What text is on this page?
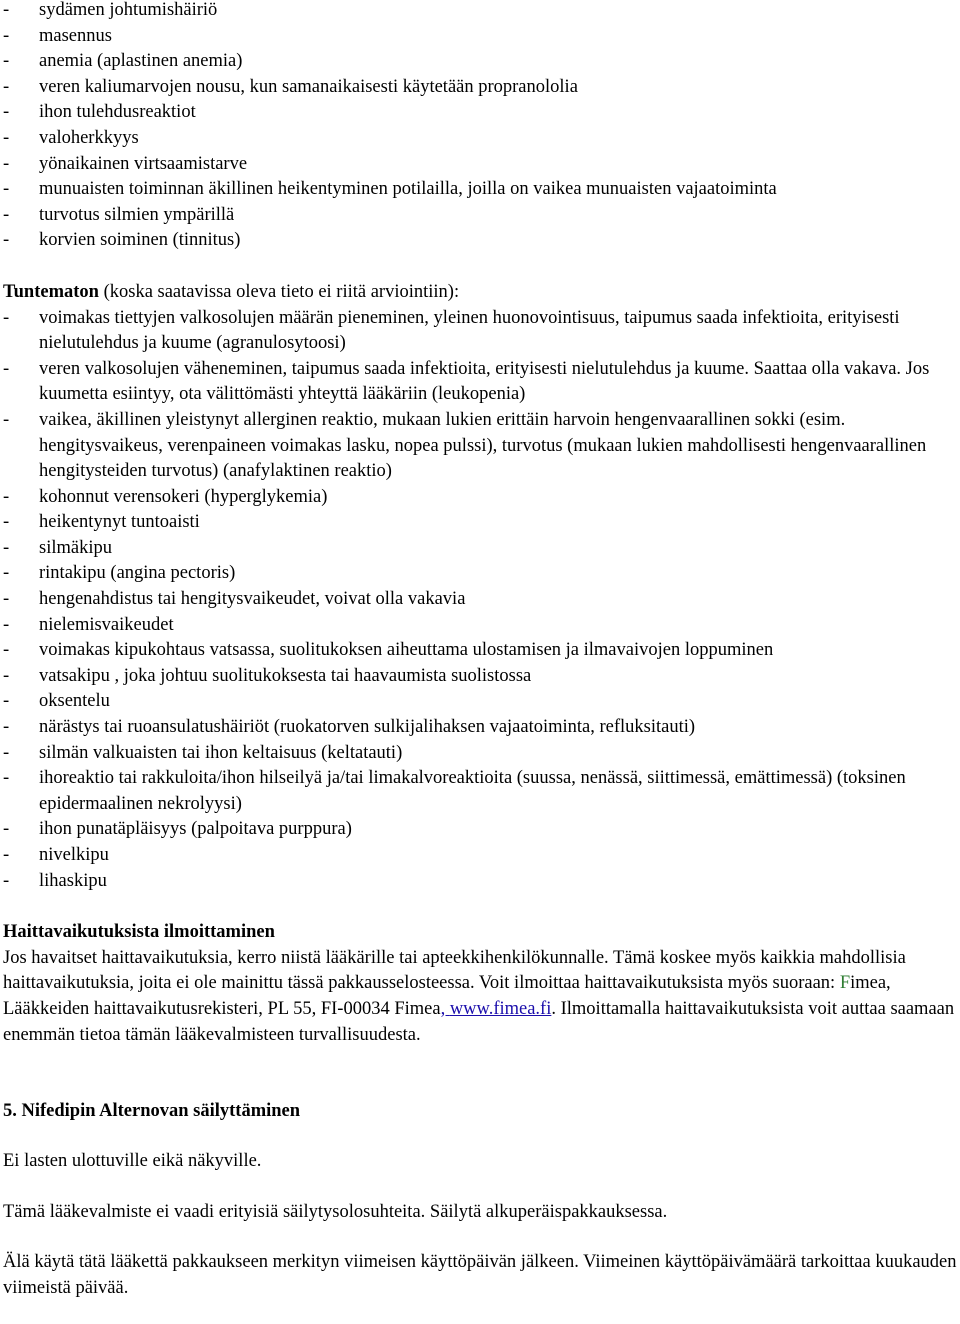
- sydämen johtumishäiriö
- masennus
- anemia (aplastinen anemia)
- veren kaliumarvojen nousu, kun samanaikaisesti käytetään propranololia
- ihon tulehdusreaktiot
- valoherkkyys
- yönaikainen virtsaamistarve
- munuaisten toiminnan äkillinen heikentyminen potilailla, joilla on vaikea munuaisten vajaatoiminta
- turvotus silmien ympärillä
- korvien soiminen (tinnitus)
Tuntematon (koska saatavissa oleva tieto ei riitä arviointiin):
- voimakas tiettyjen valkosolujen määrän pieneminen, yleinen huonovointisuus, taipumus saada infektioita, erityisesti nielutulehdus ja kuume (agranulosytoosi)
- veren valkosolujen väheneminen, taipumus saada infektioita, erityisesti nielutulehdus ja kuume. Saattaa olla vakava. Jos kuumetta esiintyy, ota välittömästi yhteyttä lääkäriin (leukopenia)
- vaikea, äkillinen yleistynyt allerginen reaktio, mukaan lukien erittäin harvoin hengenvaarallinen sokki (esim. hengitysvaikeus, verenpaineen voimakas lasku, nopea pulssi), turvotus (mukaan lukien mahdollisesti hengenvaarallinen hengitysteiden turvotus) (anafylaktinen reaktio)
- kohonnut verensokeri (hyperglykemia)
- heikentynyt tuntoaisti
- silmäkipu
- rintakipu (angina pectoris)
- hengenahdistus tai hengitysvaikeudet, voivat olla vakavia
- nielemisvaikeudet
- voimakas kipukohtaus vatsassa, suolitukoksen aiheuttama ulostamisen ja ilmavaivojen loppuminen
- vatsakipu , joka johtuu suolitukoksesta tai haavaumista suolistossa
- oksentelu
- närästys tai ruoansulatushäiriöt (ruokatorven sulkijalihaksen vajaatoiminta, refluksitauti)
- silmän valkuaisten tai ihon keltaisuus (keltatauti)
- ihoreaktio tai rakkuloita/ihon hilseilyä ja/tai limakalvoreaktioita (suussa, nenässä, siittimessä, emättimessä) (toksinen epidermaalinen nekrolyysi)
- ihon punatäpläisyys (palpoitava purppura)
- nivelkipu
- lihaskipu
Haittavaikutuksista ilmoittaminen

Jos havaitset haittavaikutuksia, kerro niistä lääkärille tai apteekkihenkilökunnalle. Tämä koskee myös kaikkia mahdollisia haittavaikutuksia, joita ei ole mainittu tässä pakkausselosteessa. Voit ilmoittaa haittavaikutuksista myös suoraan: Fimea, Lääkkeiden haittavaikutusrekisteri, PL 55, FI-00034 Fimea, www.fimea.fi. Ilmoittamalla haittavaikutuksista voit auttaa saamaan enemmän tietoa tämän lääkevalmisteen turvallisuudesta.

5. Nifedipin Alternovan säilyttäminen

Ei lasten ulottuville eikä näkyville.

Tämä lääkevalmiste ei vaadi erityisiä säilytysolosuhteita. Säilytä alkuperäispakkauksessa.

Älä käytä tätä lääkettä pakkaukseen merkityn viimeisen käyttöpäivän jälkeen. Viimeinen käyttöpäivämäärä tarkoittaa kuukauden viimeistä päivää.
